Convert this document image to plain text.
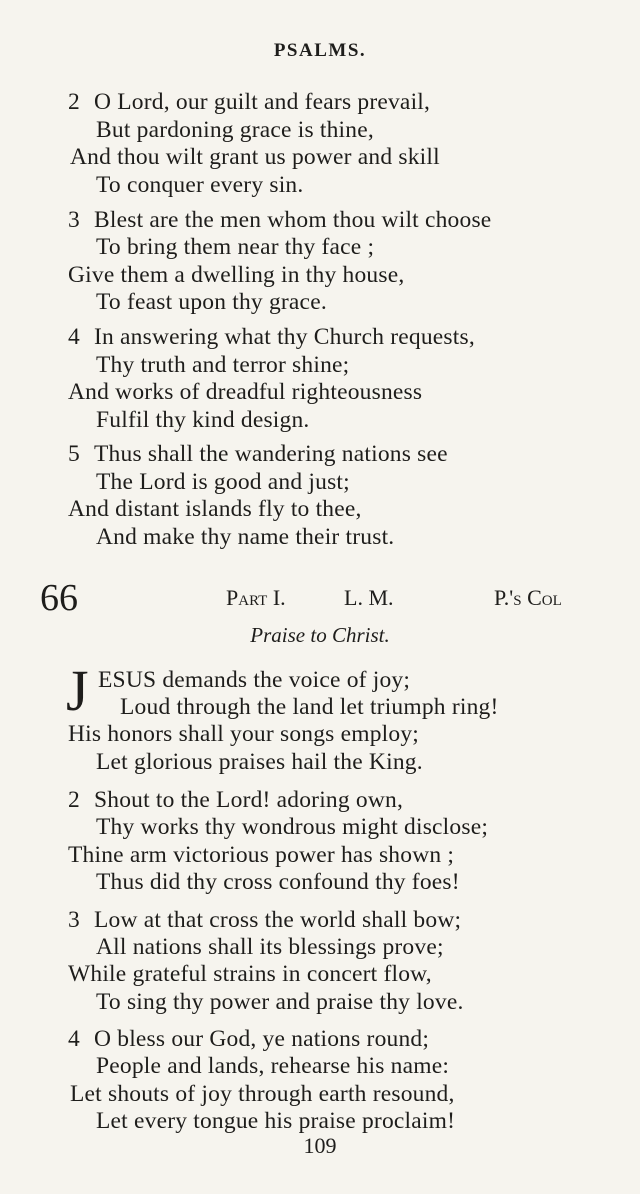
PSALMS.
2 O Lord, our guilt and fears prevail,
But pardoning grace is thine,
And thou wilt grant us power and skill
To conquer every sin.
3 Blest are the men whom thou wilt choose
To bring them near thy face ;
Give them a dwelling in thy house,
To feast upon thy grace.
4 In answering what thy Church requests,
Thy truth and terror shine;
And works of dreadful righteousness
Fulfil thy kind design.
5 Thus shall the wandering nations see
The Lord is good and just;
And distant islands fly to thee,
And make thy name their trust.
66	Part I.	L. M.	P.'s Col
Praise to Christ.
J ESUS demands the voice of joy;
Loud through the land let triumph ring!
His honors shall your songs employ;
Let glorious praises hail the King.
2 Shout to the Lord! adoring own,
Thy works thy wondrous might disclose;
Thine arm victorious power has shown ;
Thus did thy cross confound thy foes!
3 Low at that cross the world shall bow;
All nations shall its blessings prove;
While grateful strains in concert flow,
To sing thy power and praise thy love.
4 O bless our God, ye nations round;
People and lands, rehearse his name:
Let shouts of joy through earth resound,
Let every tongue his praise proclaim!
109
